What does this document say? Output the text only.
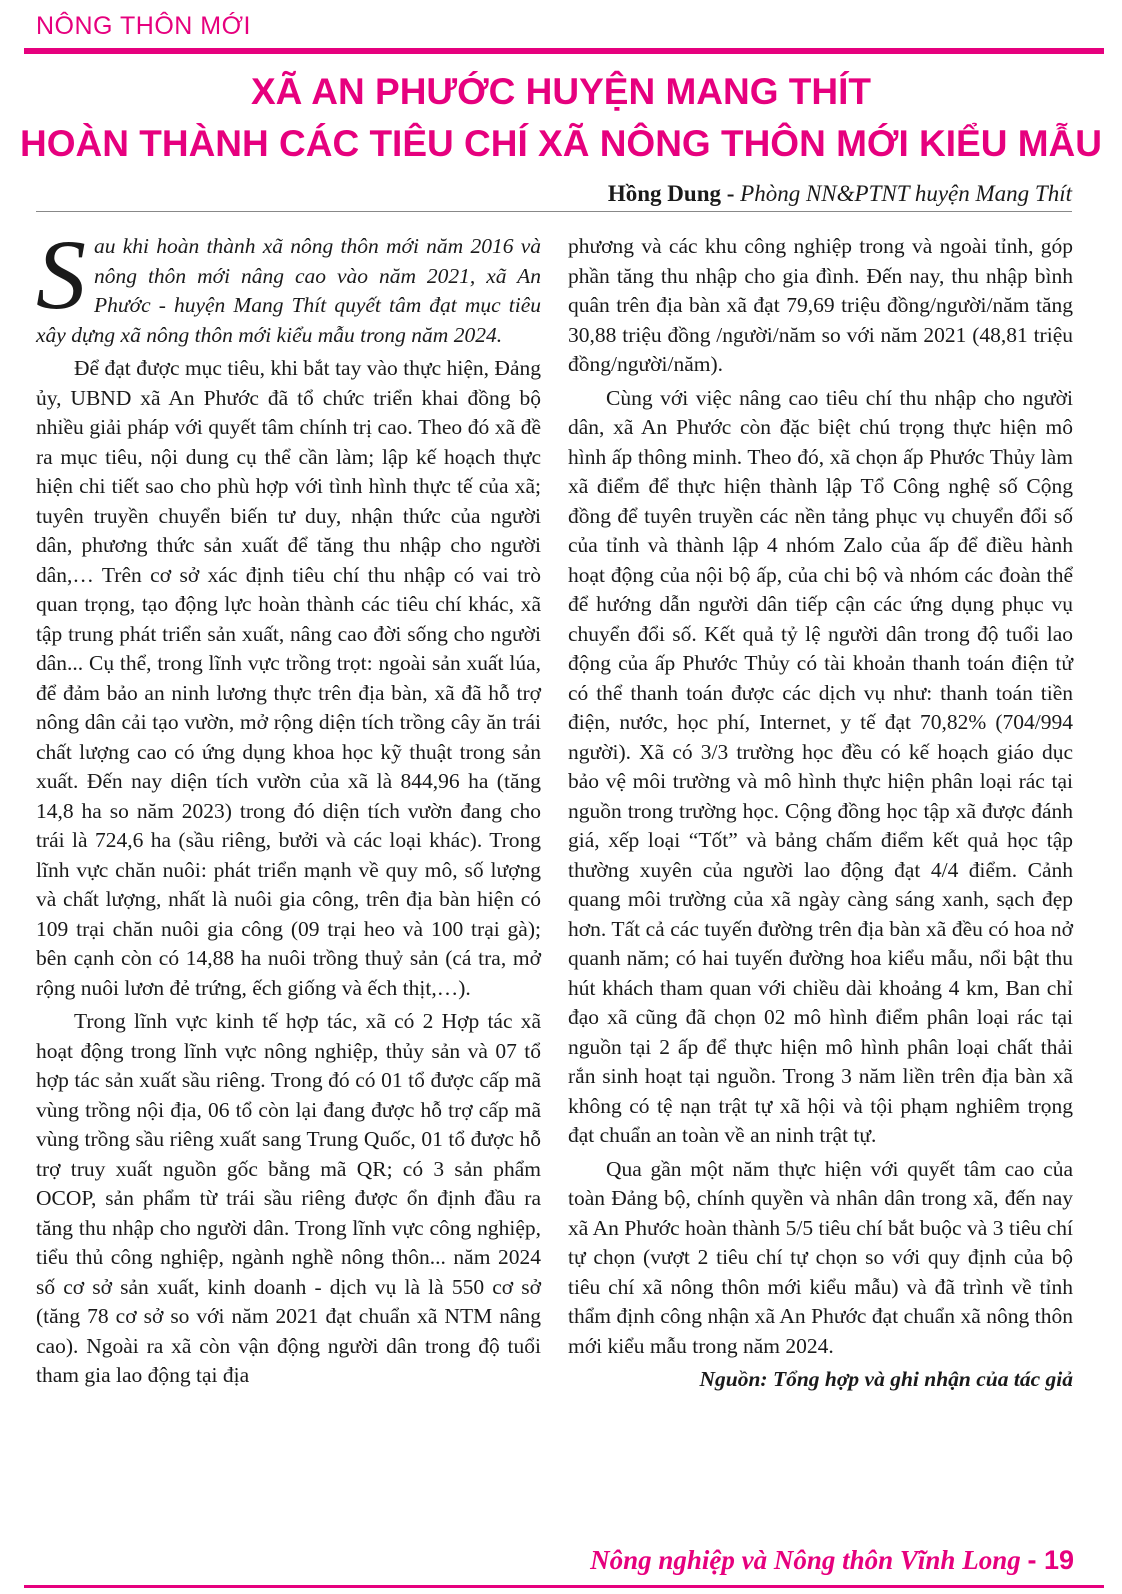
NÔNG THÔN MỚI
XÃ AN PHƯỚC HUYỆN MANG THÍT
HOÀN THÀNH CÁC TIÊU CHÍ XÃ NÔNG THÔN MỚI KIỂU MẪU
Hồng Dung - Phòng NN&PTNT huyện Mang Thít

Sau khi hoàn thành xã nông thôn mới năm 2016 và nông thôn mới nâng cao vào năm 2021, xã An Phước - huyện Mang Thít quyết tâm đạt mục tiêu xây dựng xã nông thôn mới kiểu mẫu trong năm 2024.

Để đạt được mục tiêu, khi bắt tay vào thực hiện, Đảng ủy, UBND xã An Phước đã tổ chức triển khai đồng bộ nhiều giải pháp với quyết tâm chính trị cao. Theo đó xã đề ra mục tiêu, nội dung cụ thể cần làm; lập kế hoạch thực hiện chi tiết sao cho phù hợp với tình hình thực tế của xã; tuyên truyền chuyển biến tư duy, nhận thức của người dân, phương thức sản xuất để tăng thu nhập cho người dân,… Trên cơ sở xác định tiêu chí thu nhập có vai trò quan trọng, tạo động lực hoàn thành các tiêu chí khác, xã tập trung phát triển sản xuất, nâng cao đời sống cho người dân... Cụ thể, trong lĩnh vực trồng trọt: ngoài sản xuất lúa, để đảm bảo an ninh lương thực trên địa bàn, xã đã hỗ trợ nông dân cải tạo vườn, mở rộng diện tích trồng cây ăn trái chất lượng cao có ứng dụng khoa học kỹ thuật trong sản xuất. Đến nay diện tích vườn của xã là 844,96 ha (tăng 14,8 ha so năm 2023) trong đó diện tích vườn đang cho trái là 724,6 ha (sầu riêng, bưởi và các loại khác). Trong lĩnh vực chăn nuôi: phát triển mạnh về quy mô, số lượng và chất lượng, nhất là nuôi gia công, trên địa bàn hiện có 109 trại chăn nuôi gia công (09 trại heo và 100 trại gà); bên cạnh còn có 14,88 ha nuôi trồng thuỷ sản (cá tra, mở rộng nuôi lươn đẻ trứng, ếch giống và ếch thịt,…).

Trong lĩnh vực kinh tế hợp tác, xã có 2 Hợp tác xã hoạt động trong lĩnh vực nông nghiệp, thủy sản và 07 tổ hợp tác sản xuất sầu riêng. Trong đó có 01 tổ được cấp mã vùng trồng nội địa, 06 tổ còn lại đang được hỗ trợ cấp mã vùng trồng sầu riêng xuất sang Trung Quốc, 01 tổ được hỗ trợ truy xuất nguồn gốc bằng mã QR; có 3 sản phẩm OCOP, sản phẩm từ trái sầu riêng được ổn định đầu ra tăng thu nhập cho người dân. Trong lĩnh vực công nghiệp, tiểu thủ công nghiệp, ngành nghề nông thôn... năm 2024 số cơ sở sản xuất, kinh doanh - dịch vụ là là 550 cơ sở (tăng 78 cơ sở so với năm 2021 đạt chuẩn xã NTM nâng cao). Ngoài ra xã còn vận động người dân trong độ tuổi tham gia lao động tại địa

phương và các khu công nghiệp trong và ngoài tỉnh, góp phần tăng thu nhập cho gia đình. Đến nay, thu nhập bình quân trên địa bàn xã đạt 79,69 triệu đồng/người/năm tăng 30,88 triệu đồng /người/năm so với năm 2021 (48,81 triệu đồng/người/năm).

Cùng với việc nâng cao tiêu chí thu nhập cho người dân, xã An Phước còn đặc biệt chú trọng thực hiện mô hình ấp thông minh. Theo đó, xã chọn ấp Phước Thủy làm xã điểm để thực hiện thành lập Tổ Công nghệ số Cộng đồng để tuyên truyền các nền tảng phục vụ chuyển đổi số của tỉnh và thành lập 4 nhóm Zalo của ấp để điều hành hoạt động của nội bộ ấp, của chi bộ và nhóm các đoàn thể để hướng dẫn người dân tiếp cận các ứng dụng phục vụ chuyển đổi số. Kết quả tỷ lệ người dân trong độ tuổi lao động của ấp Phước Thủy có tài khoản thanh toán điện tử có thể thanh toán được các dịch vụ như: thanh toán tiền điện, nước, học phí, Internet, y tế đạt 70,82% (704/994 người). Xã có 3/3 trường học đều có kế hoạch giáo dục bảo vệ môi trường và mô hình thực hiện phân loại rác tại nguồn trong trường học. Cộng đồng học tập xã được đánh giá, xếp loại “Tốt” và bảng chấm điểm kết quả học tập thường xuyên của người lao động đạt 4/4 điểm. Cảnh quang môi trường của xã ngày càng sáng xanh, sạch đẹp hơn. Tất cả các tuyến đường trên địa bàn xã đều có hoa nở quanh năm; có hai tuyến đường hoa kiểu mẫu, nổi bật thu hút khách tham quan với chiều dài khoảng 4 km, Ban chỉ đạo xã cũng đã chọn 02 mô hình điểm phân loại rác tại nguồn tại 2 ấp để thực hiện mô hình phân loại chất thải rắn sinh hoạt tại nguồn. Trong 3 năm liền trên địa bàn xã không có tệ nạn trật tự xã hội và tội phạm nghiêm trọng đạt chuẩn an toàn về an ninh trật tự.

Qua gần một năm thực hiện với quyết tâm cao của toàn Đảng bộ, chính quyền và nhân dân trong xã, đến nay xã An Phước hoàn thành 5/5 tiêu chí bắt buộc và 3 tiêu chí tự chọn (vượt 2 tiêu chí tự chọn so với quy định của bộ tiêu chí xã nông thôn mới kiểu mẫu) và đã trình về tỉnh thẩm định công nhận xã An Phước đạt chuẩn xã nông thôn mới kiểu mẫu trong năm 2024.

Nguồn: Tổng hợp và ghi nhận của tác giả

Nông nghiệp và Nông thôn Vĩnh Long - 19
